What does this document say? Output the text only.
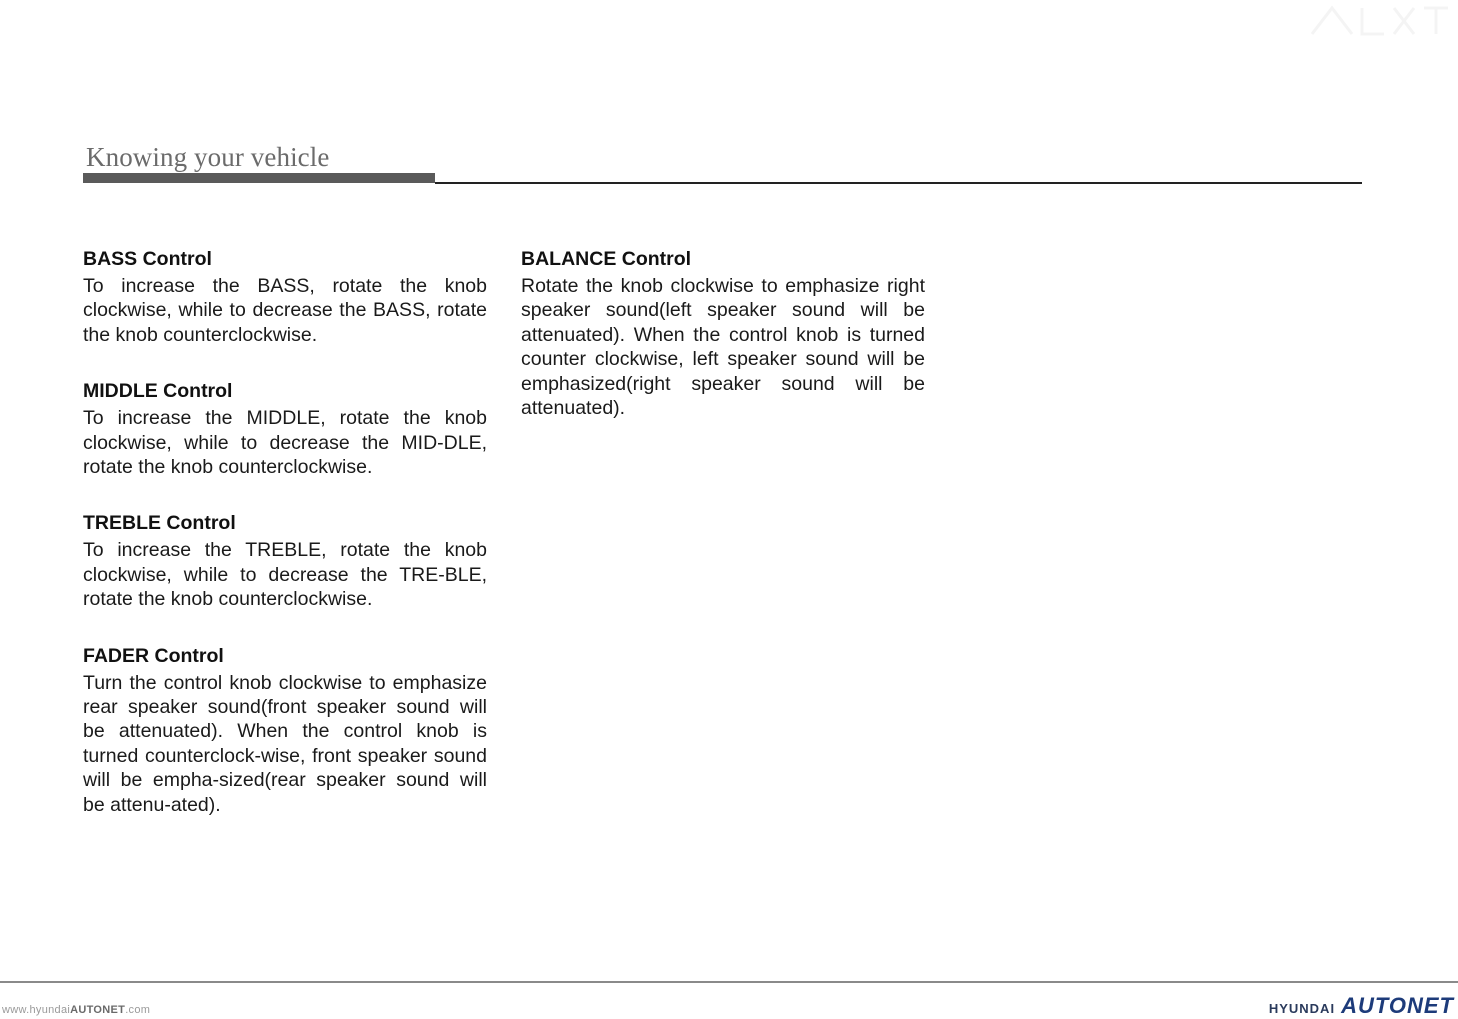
Knowing your vehicle
BASS Control

To increase the BASS, rotate the knob clockwise, while to decrease the BASS, rotate the knob counterclockwise.

MIDDLE Control

To increase the MIDDLE, rotate the knob clockwise, while to decrease the MID-DLE, rotate the knob counterclockwise.

TREBLE Control

To increase the TREBLE, rotate the knob clockwise, while to decrease the TRE-BLE, rotate the knob counterclockwise.

FADER Control

Turn the control knob clockwise to emphasize rear speaker sound(front speaker sound will be attenuated). When the control knob is turned counterclock-wise, front speaker sound will be empha-sized(rear speaker sound will be attenu-ated).

BALANCE Control

Rotate the knob clockwise to emphasize right speaker sound(left speaker sound will be attenuated). When the control knob is turned counter clockwise, left speaker sound will be emphasized(right speaker sound will be attenuated).

www.hyundaiAUTONET.com	HYUNDAI AUTONET
